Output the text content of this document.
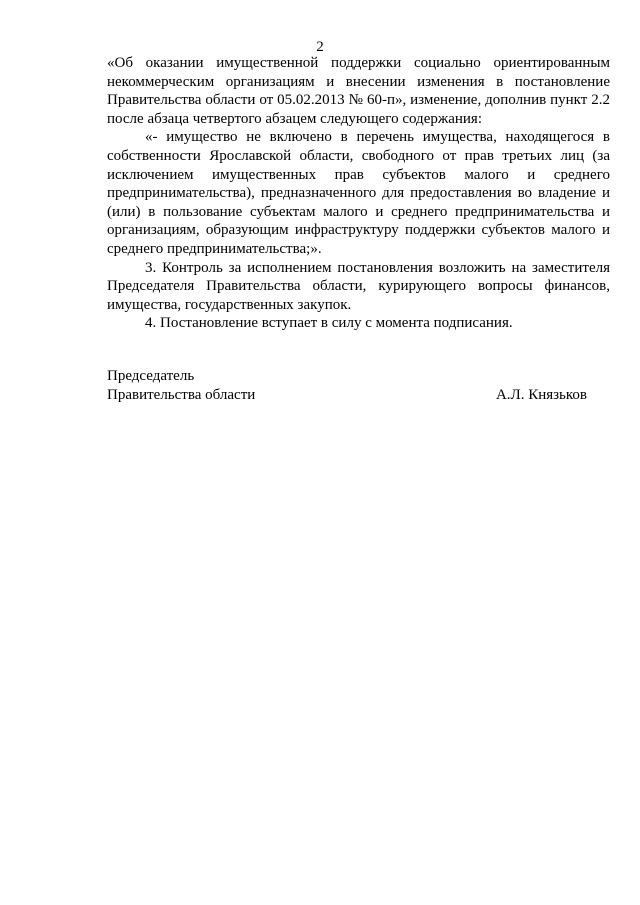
2

«Об оказании имущественной поддержки социально ориентированным некоммерческим организациям и внесении изменения в постановление Правительства области от 05.02.2013 № 60-п», изменение, дополнив пункт 2.2 после абзаца четвертого абзацем следующего содержания:

«- имущество не включено в перечень имущества, находящегося в собственности Ярославской области, свободного от прав третьих лиц (за исключением имущественных прав субъектов малого и среднего предпринимательства), предназначенного для предоставления во владение и (или) в пользование субъектам малого и среднего предпринимательства и организациям, образующим инфраструктуру поддержки субъектов малого и среднего предпринимательства;».

3. Контроль за исполнением постановления возложить на заместителя Председателя Правительства области, курирующего вопросы финансов, имущества, государственных закупок.

4. Постановление вступает в силу с момента подписания.

Председатель
Правительства области	А.Л. Князьков
